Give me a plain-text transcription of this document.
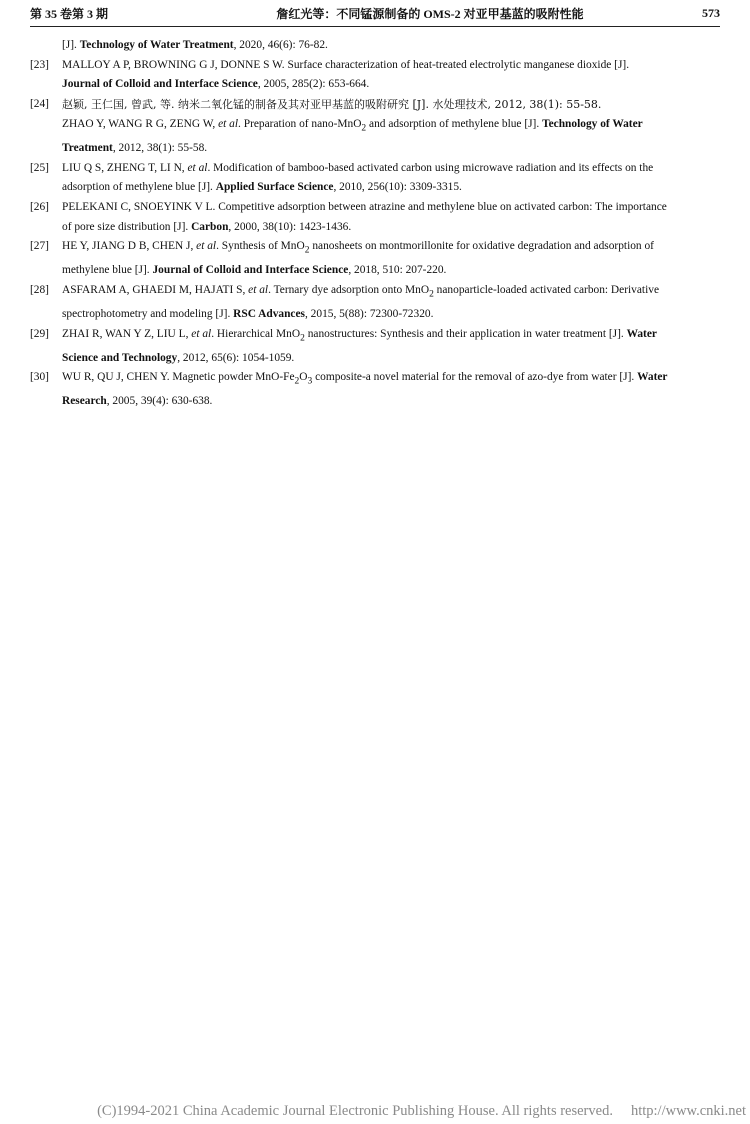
第 35 卷第 3 期	詹红光等：不同锰源制备的 OMS-2 对亚甲基蓝的吸附性能	573
[J]. Technology of Water Treatment, 2020, 46(6): 76-82.
[23]	MALLOY A P, BROWNING G J, DONNE S W. Surface characterization of heat-treated electrolytic manganese dioxide [J].
Journal of Colloid and Interface Science, 2005, 285(2): 653-664.
[24]	赵颖, 王仁国, 曾武, 等. 纳米二氧化锰的制备及其对亚甲基蓝的吸附研究 [J]. 水处理技术, 2012, 38(1): 55-58.
ZHAO Y, WANG R G, ZENG W, et al. Preparation of nano-MnO$_2$ and adsorption of methylene blue [J]. Technology of Water
Treatment, 2012, 38(1): 55-58.
[25]	LIU Q S, ZHENG T, LI N, et al. Modification of bamboo-based activated carbon using microwave radiation and its effects on the
adsorption of methylene blue [J]. Applied Surface Science, 2010, 256(10): 3309-3315.
[26]	PELEKANI C, SNOEYINK V L. Competitive adsorption between atrazine and methylene blue on activated carbon: The importance
of pore size distribution [J]. Carbon, 2000, 38(10): 1423-1436.
[27]	HE Y, JIANG D B, CHEN J, et al. Synthesis of MnO$_2$ nanosheets on montmorillonite for oxidative degradation and adsorption of
methylene blue [J]. Journal of Colloid and Interface Science, 2018, 510: 207-220.
[28]	ASFARAM A, GHAEDI M, HAJATI S, et al. Ternary dye adsorption onto MnO$_2$ nanoparticle-loaded activated carbon: Derivative
spectrophotometry and modeling [J]. RSC Advances, 2015, 5(88): 72300-72320.
[29]	ZHAI R, WAN Y Z, LIU L, et al. Hierarchical MnO$_2$ nanostructures: Synthesis and their application in water treatment [J]. Water
Science and Technology, 2012, 65(6): 1054-1059.
[30]	WU R, QU J, CHEN Y. Magnetic powder MnO-$Fe_2O_3$ composite-a novel material for the removal of azo-dye from water [J]. Water
Research, 2005, 39(4): 630-638.
(C)1994-2021 China Academic Journal Electronic Publishing House. All rights reserved. http://www.cnki.net
